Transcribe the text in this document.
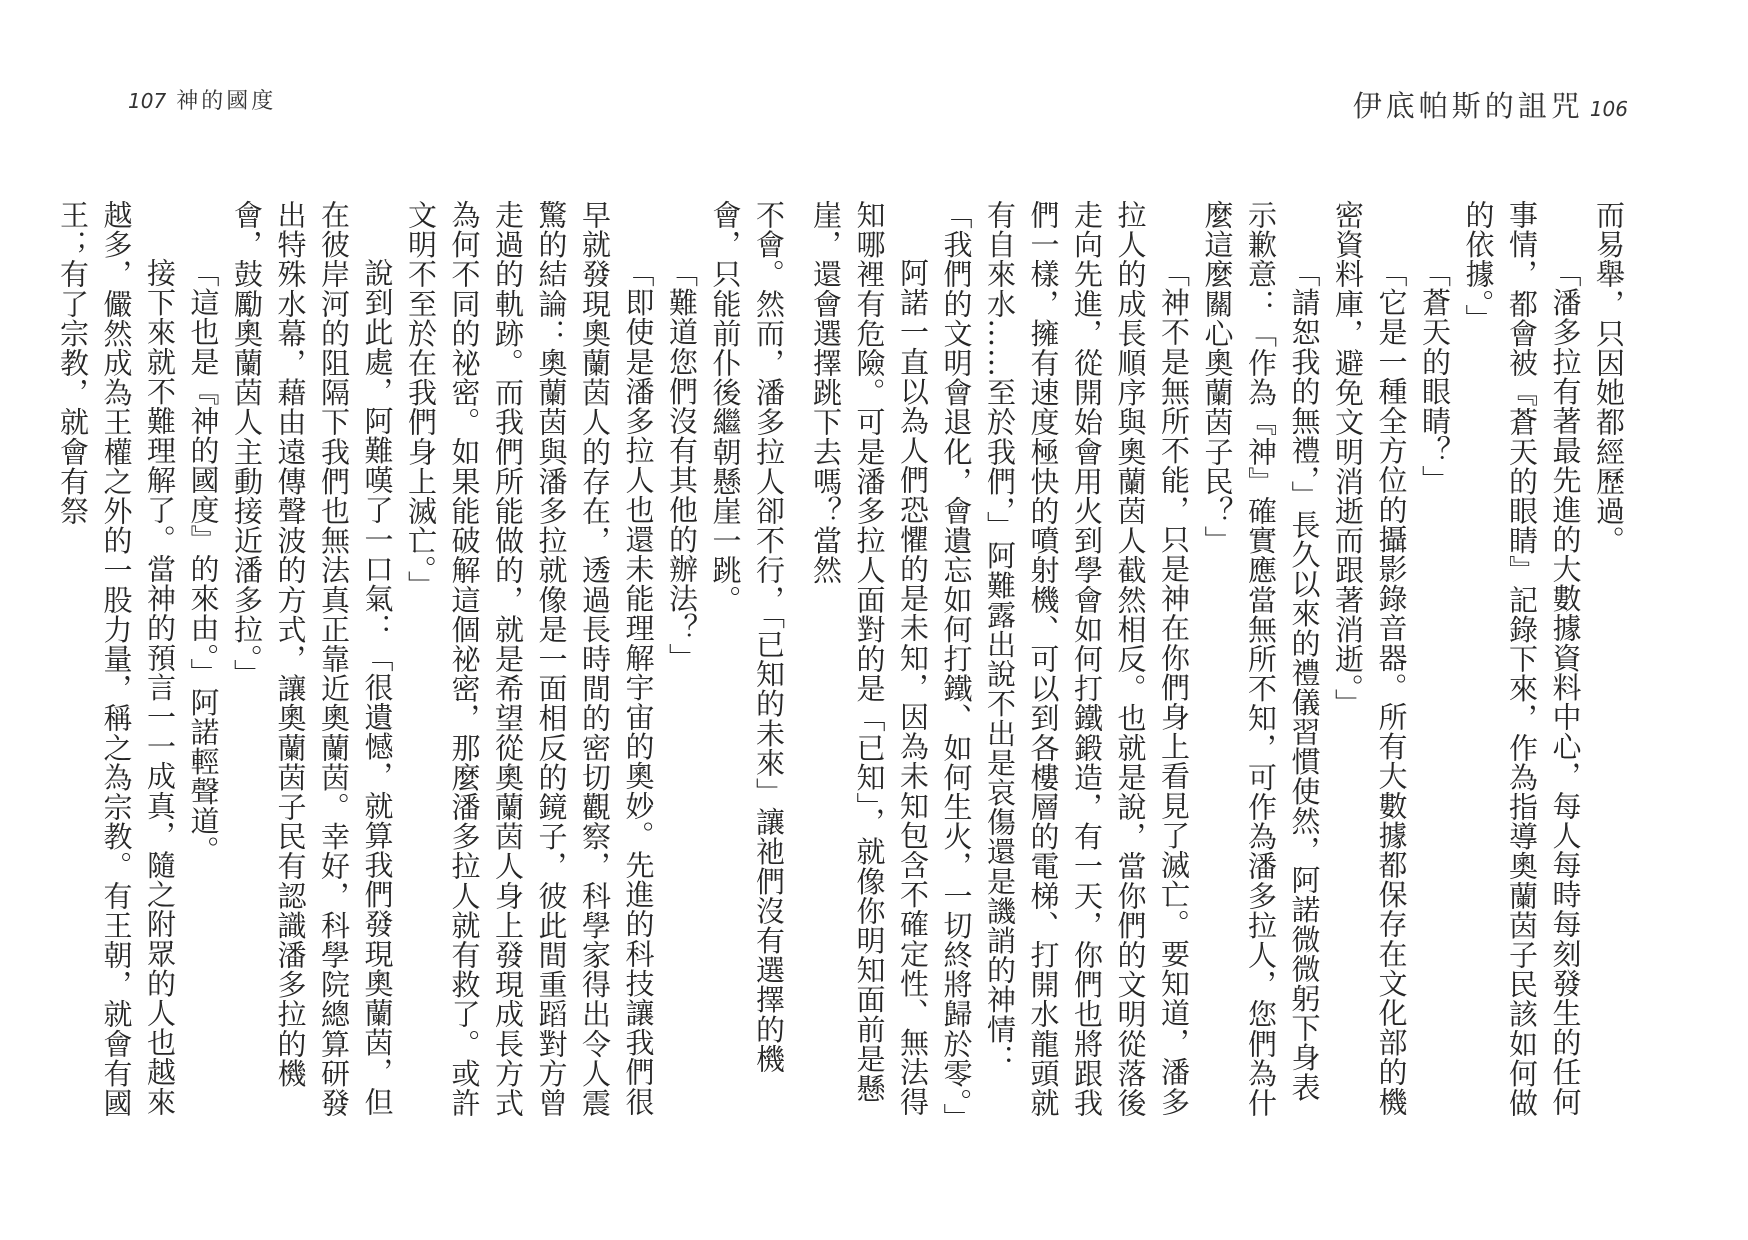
107 神的國度

不會。然而，潘多拉人卻不行，「已知的未來」讓祂們沒有選擇的機會，只能前仆後繼朝懸崖一跳。

「難道您們沒有其他的辦法？」

「即使是潘多拉人也還未能理解宇宙的奧妙。先進的科技讓我們很早就發現奧蘭茵人的存在，透過長時間的密切觀察，科學家得出令人震驚的結論：奧蘭茵與潘多拉就像是一面相反的鏡子，彼此間重蹈對方曾走過的軌跡。而我們所能做的，就是希望從奧蘭茵人身上發現成長方式為何不同的祕密。如果能破解這個祕密，那麼潘多拉人就有救了。或許文明不至於在我們身上滅亡。」

說到此處，阿難嘆了一口氣：「很遺憾，就算我們發現奧蘭茵，但在彼岸河的阻隔下我們也無法真正靠近奧蘭茵。幸好，科學院總算研發出特殊水幕，藉由遠傳聲波的方式，讓奧蘭茵子民有認識潘多拉的機會，鼓勵奧蘭茵人主動接近潘多拉。」

「這也是『神的國度』的來由。」阿諾輕聲道。

接下來就不難理解了。當神的預言一一成真，隨之附眾的人也越來越多，儼然成為王權之外的一股力量，稱之為宗教。有王朝，就會有國王；有了宗教，就會有祭

伊底帕斯的詛咒 106

而易舉，只因她都經歷過。

「潘多拉有著最先進的大數據資料中心，每人每時每刻發生的任何事情，都會被『蒼天的眼睛』記錄下來，作為指導奧蘭茵子民該如何做的依據。」

「蒼天的眼睛？」

「它是一種全方位的攝影錄音器。所有大數據都保存在文化部的機密資料庫，避免文明消逝而跟著消逝。」

「請恕我的無禮，」長久以來的禮儀習慣使然，阿諾微微躬下身表示歉意：「作為『神』確實應當無所不知，可作為潘多拉人，您們為什麼這麼關心奧蘭茵子民？」

「神不是無所不能，只是神在你們身上看見了滅亡。要知道，潘多拉人的成長順序與奧蘭茵人截然相反。也就是說，當你們的文明從落後走向先進，從開始會用火到學會如何打鐵鍛造，有一天，你們也將跟我們一樣，擁有速度極快的噴射機、可以到各樓層的電梯、打開水龍頭就有自來水……至於我們，」阿難露出說不出是哀傷還是譏誚的神情：「我們的文明會退化，會遺忘如何打鐵、如何生火，一切終將歸於零。」

阿諾一直以為人們恐懼的是未知，因為未知包含不確定性、無法得知哪裡有危險。可是潘多拉人面對的是「已知」，就像你明知面前是懸崖，還會選擇跳下去嗎？當然
